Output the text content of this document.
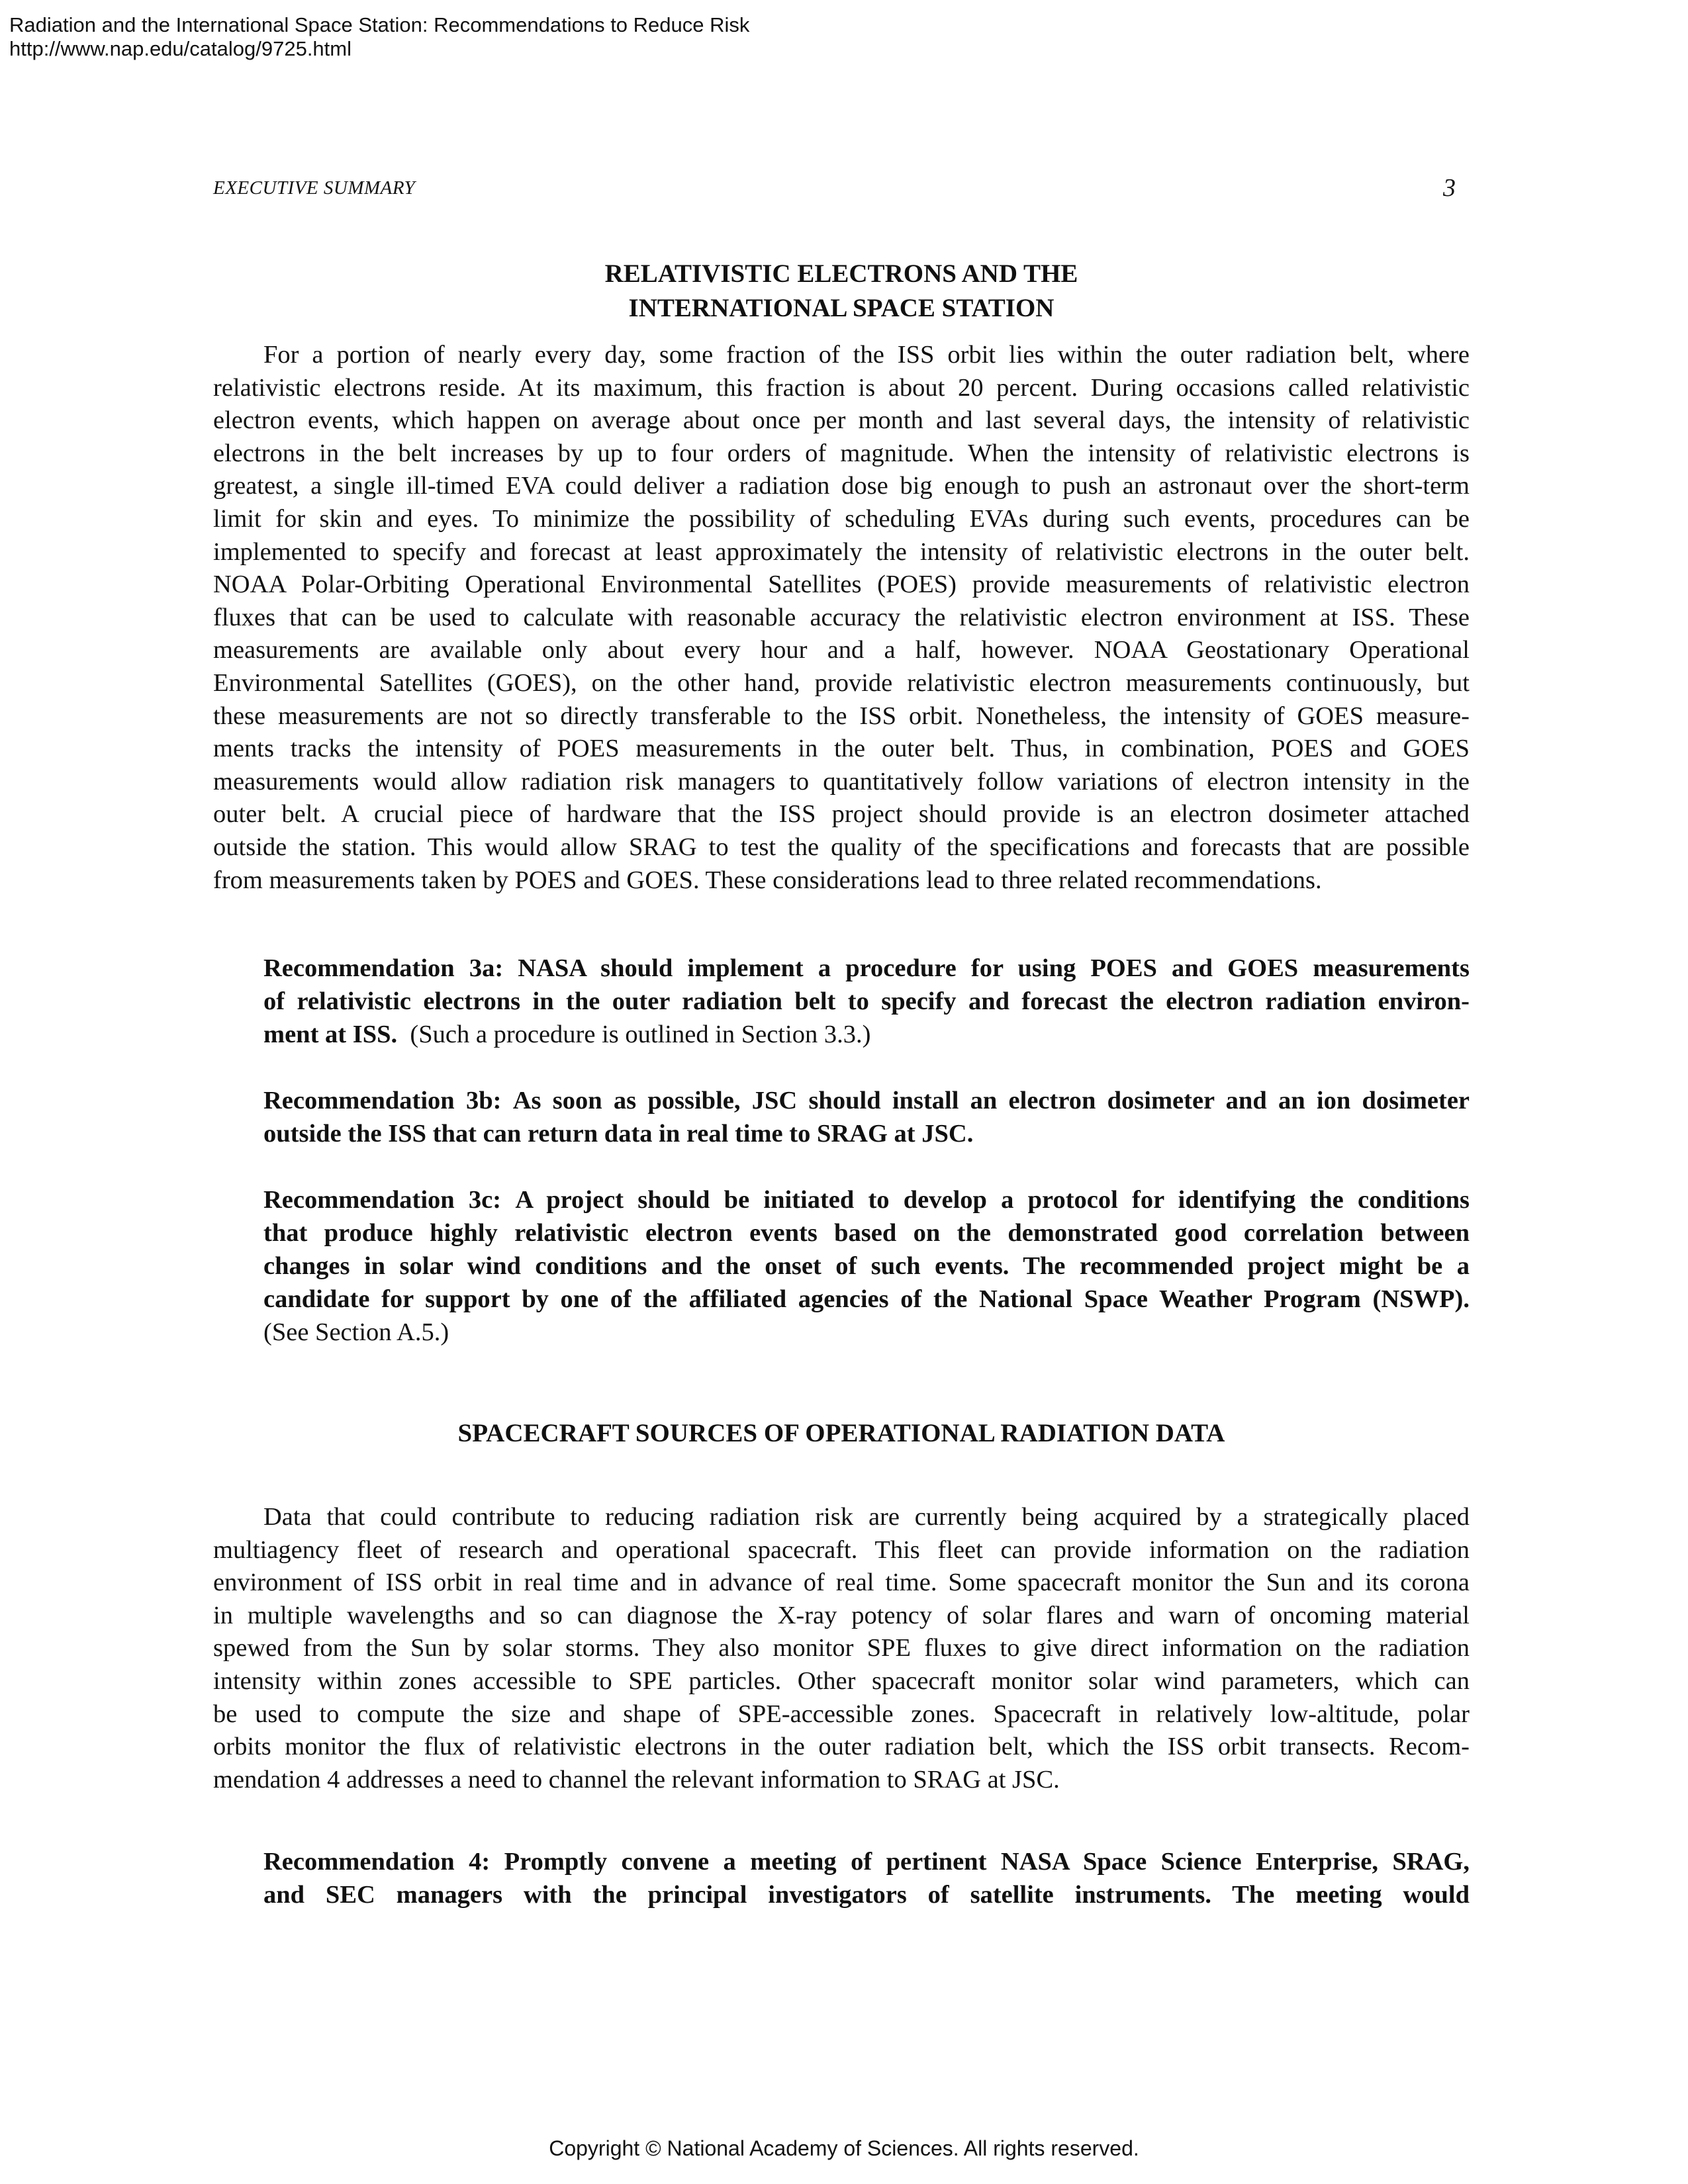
Radiation and the International Space Station: Recommendations to Reduce Risk
http://www.nap.edu/catalog/9725.html
EXECUTIVE SUMMARY	3
RELATIVISTIC ELECTRONS AND THE
INTERNATIONAL SPACE STATION
For a portion of nearly every day, some fraction of the ISS orbit lies within the outer radiation belt, where
relativistic electrons reside. At its maximum, this fraction is about 20 percent. During occasions called relativistic
electron events, which happen on average about once per month and last several days, the intensity of relativistic
electrons in the belt increases by up to four orders of magnitude. When the intensity of relativistic electrons is
greatest, a single ill-timed EVA could deliver a radiation dose big enough to push an astronaut over the short-term
limit for skin and eyes. To minimize the possibility of scheduling EVAs during such events, procedures can be
implemented to specify and forecast at least approximately the intensity of relativistic electrons in the outer belt.
NOAA Polar-Orbiting Operational Environmental Satellites (POES) provide measurements of relativistic electron
fluxes that can be used to calculate with reasonable accuracy the relativistic electron environment at ISS. These
measurements are available only about every hour and a half, however. NOAA Geostationary Operational
Environmental Satellites (GOES), on the other hand, provide relativistic electron measurements continuously, but
these measurements are not so directly transferable to the ISS orbit. Nonetheless, the intensity of GOES measure-
ments tracks the intensity of POES measurements in the outer belt. Thus, in combination, POES and GOES
measurements would allow radiation risk managers to quantitatively follow variations of electron intensity in the
outer belt. A crucial piece of hardware that the ISS project should provide is an electron dosimeter attached
outside the station. This would allow SRAG to test the quality of the specifications and forecasts that are possible
from measurements taken by POES and GOES. These considerations lead to three related recommendations.
Recommendation 3a: NASA should implement a procedure for using POES and GOES measurements
of relativistic electrons in the outer radiation belt to specify and forecast the electron radiation environ-
ment at ISS. (Such a procedure is outlined in Section 3.3.)
Recommendation 3b: As soon as possible, JSC should install an electron dosimeter and an ion dosimeter
outside the ISS that can return data in real time to SRAG at JSC.
Recommendation 3c: A project should be initiated to develop a protocol for identifying the conditions
that produce highly relativistic electron events based on the demonstrated good correlation between
changes in solar wind conditions and the onset of such events. The recommended project might be a
candidate for support by one of the affiliated agencies of the National Space Weather Program (NSWP).
(See Section A.5.)
SPACECRAFT SOURCES OF OPERATIONAL RADIATION DATA
Data that could contribute to reducing radiation risk are currently being acquired by a strategically placed
multiagency fleet of research and operational spacecraft. This fleet can provide information on the radiation
environment of ISS orbit in real time and in advance of real time. Some spacecraft monitor the Sun and its corona
in multiple wavelengths and so can diagnose the X-ray potency of solar flares and warn of oncoming material
spewed from the Sun by solar storms. They also monitor SPE fluxes to give direct information on the radiation
intensity within zones accessible to SPE particles. Other spacecraft monitor solar wind parameters, which can
be used to compute the size and shape of SPE-accessible zones. Spacecraft in relatively low-altitude, polar
orbits monitor the flux of relativistic electrons in the outer radiation belt, which the ISS orbit transects. Recom-
mendation 4 addresses a need to channel the relevant information to SRAG at JSC.
Recommendation 4: Promptly convene a meeting of pertinent NASA Space Science Enterprise, SRAG,
and SEC managers with the principal investigators of satellite instruments. The meeting would
Copyright © National Academy of Sciences. All rights reserved.
